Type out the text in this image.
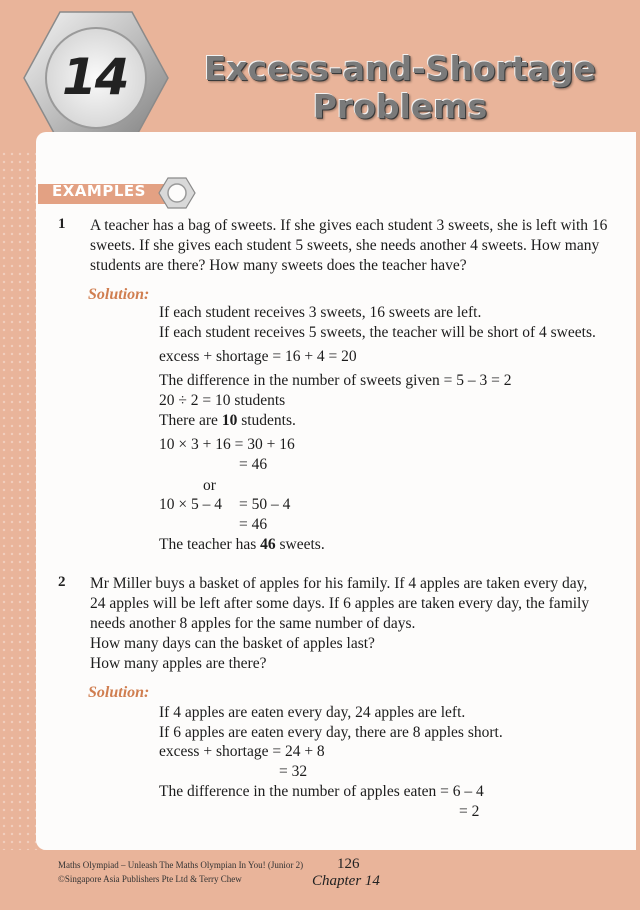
14	Excess-and-Shortage
Problems
EXAMPLES
1 A teacher has a bag of sweets. If she gives each student 3 sweets, she is left with 16
sweets. If she gives each student 5 sweets, she needs another 4 sweets. How many
students are there? How many sweets does the teacher have?
Solution:
If each student receives 3 sweets, 16 sweets are left.
If each student receives 5 sweets, the teacher will be short of 4 sweets.
excess + shortage = 16 + 4 = 20
The difference in the number of sweets given = 5 – 3 = 2
20 ÷ 2 = 10 students
There are 10 students.
10 × 3 + 16 = 30 + 16
= 46
or
10 × 5 – 4 = 50 – 4
= 46
The teacher has 46 sweets.
2 Mr Miller buys a basket of apples for his family. If 4 apples are taken every day,
24 apples will be left after some days. If 6 apples are taken every day, the family
needs another 8 apples for the same number of days.
How many days can the basket of apples last?
How many apples are there?
Solution:
If 4 apples are eaten every day, 24 apples are left.
If 6 apples are eaten every day, there are 8 apples short.
excess + shortage = 24 + 8
= 32
The difference in the number of apples eaten = 6 – 4
= 2
Maths Olympiad – Unleash The Maths Olympian In You! (Junior 2)
©Singapore Asia Publishers Pte Ltd & Terry Chew
126
Chapter 14
